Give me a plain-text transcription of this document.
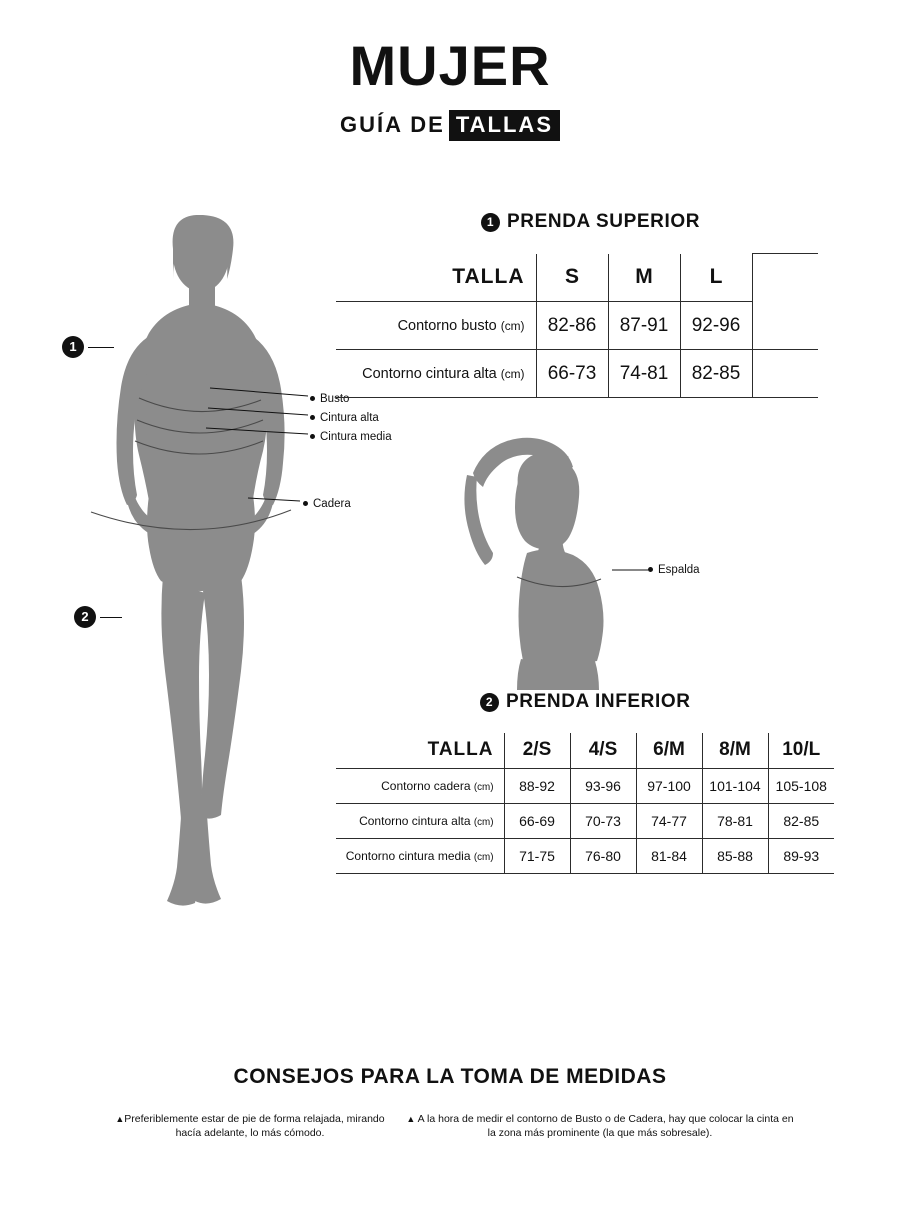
MUJER
GUÍA DE TALLAS
1
2
Busto
Cintura alta
Cintura media
Cadera
Espalda
1 PRENDA SUPERIOR
TALLA	S	M	L	
Contorno busto (cm)	82-86	87-91	92-96	
Contorno cintura alta (cm)	66-73	74-81	82-85	
2 PRENDA INFERIOR
TALLA	2/S	4/S	6/M	8/M	10/L
Contorno cadera (cm)	88-92	93-96	97-100	101-104	105-108
Contorno cintura alta (cm)	66-69	70-73	74-77	78-81	82-85
Contorno cintura media (cm)	71-75	76-80	81-84	85-88	89-93
CONSEJOS PARA LA TOMA DE MEDIDAS
▲Preferiblemente estar de pie de forma relajada, mirando hacía adelante, lo más cómodo.
▲ A la hora de medir el contorno de Busto o de Cadera, hay que colocar la cinta en la zona más prominente (la que más sobresale).
